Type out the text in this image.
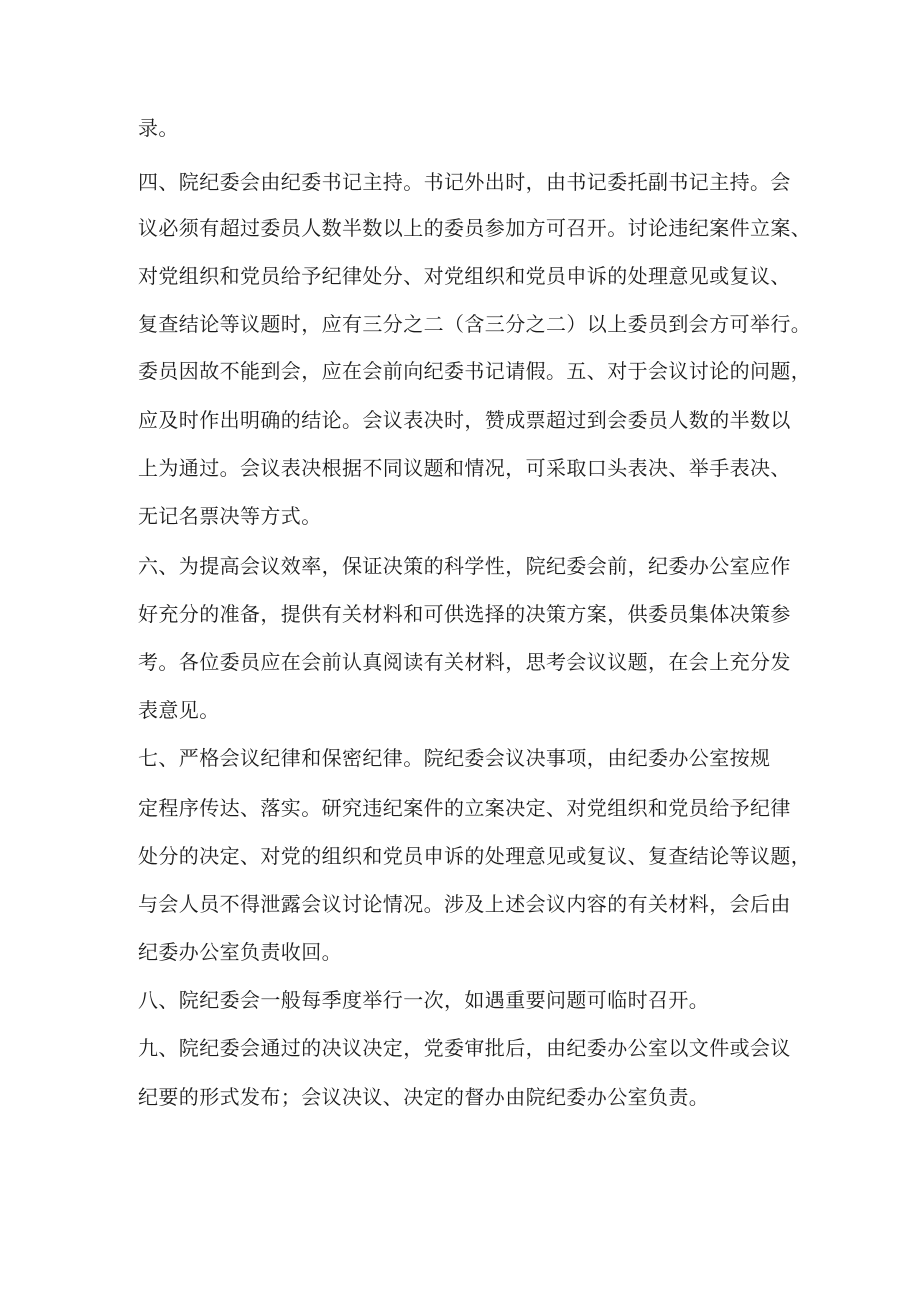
录。
四、院纪委会由纪委书记主持。书记外出时，由书记委托副书记主持。会
议必须有超过委员人数半数以上的委员参加方可召开。讨论违纪案件立案、
对党组织和党员给予纪律处分、对党组织和党员申诉的处理意见或复议、
复查结论等议题时，应有三分之二（含三分之二）以上委员到会方可举行。
委员因故不能到会，应在会前向纪委书记请假。五、对于会议讨论的问题，
应及时作出明确的结论。会议表决时，赞成票超过到会委员人数的半数以
上为通过。会议表决根据不同议题和情况，可采取口头表决、举手表决、
无记名票决等方式。
六、为提高会议效率，保证决策的科学性，院纪委会前，纪委办公室应作
好充分的准备，提供有关材料和可供选择的决策方案，供委员集体决策参
考。各位委员应在会前认真阅读有关材料，思考会议议题，在会上充分发
表意见。
七、严格会议纪律和保密纪律。院纪委会议决事项，由纪委办公室按规
定程序传达、落实。研究违纪案件的立案决定、对党组织和党员给予纪律
处分的决定、对党的组织和党员申诉的处理意见或复议、复查结论等议题，
与会人员不得泄露会议讨论情况。涉及上述会议内容的有关材料，会后由
纪委办公室负责收回。
八、院纪委会一般每季度举行一次，如遇重要问题可临时召开。
九、院纪委会通过的决议决定，党委审批后，由纪委办公室以文件或会议
纪要的形式发布；会议决议、决定的督办由院纪委办公室负责。
